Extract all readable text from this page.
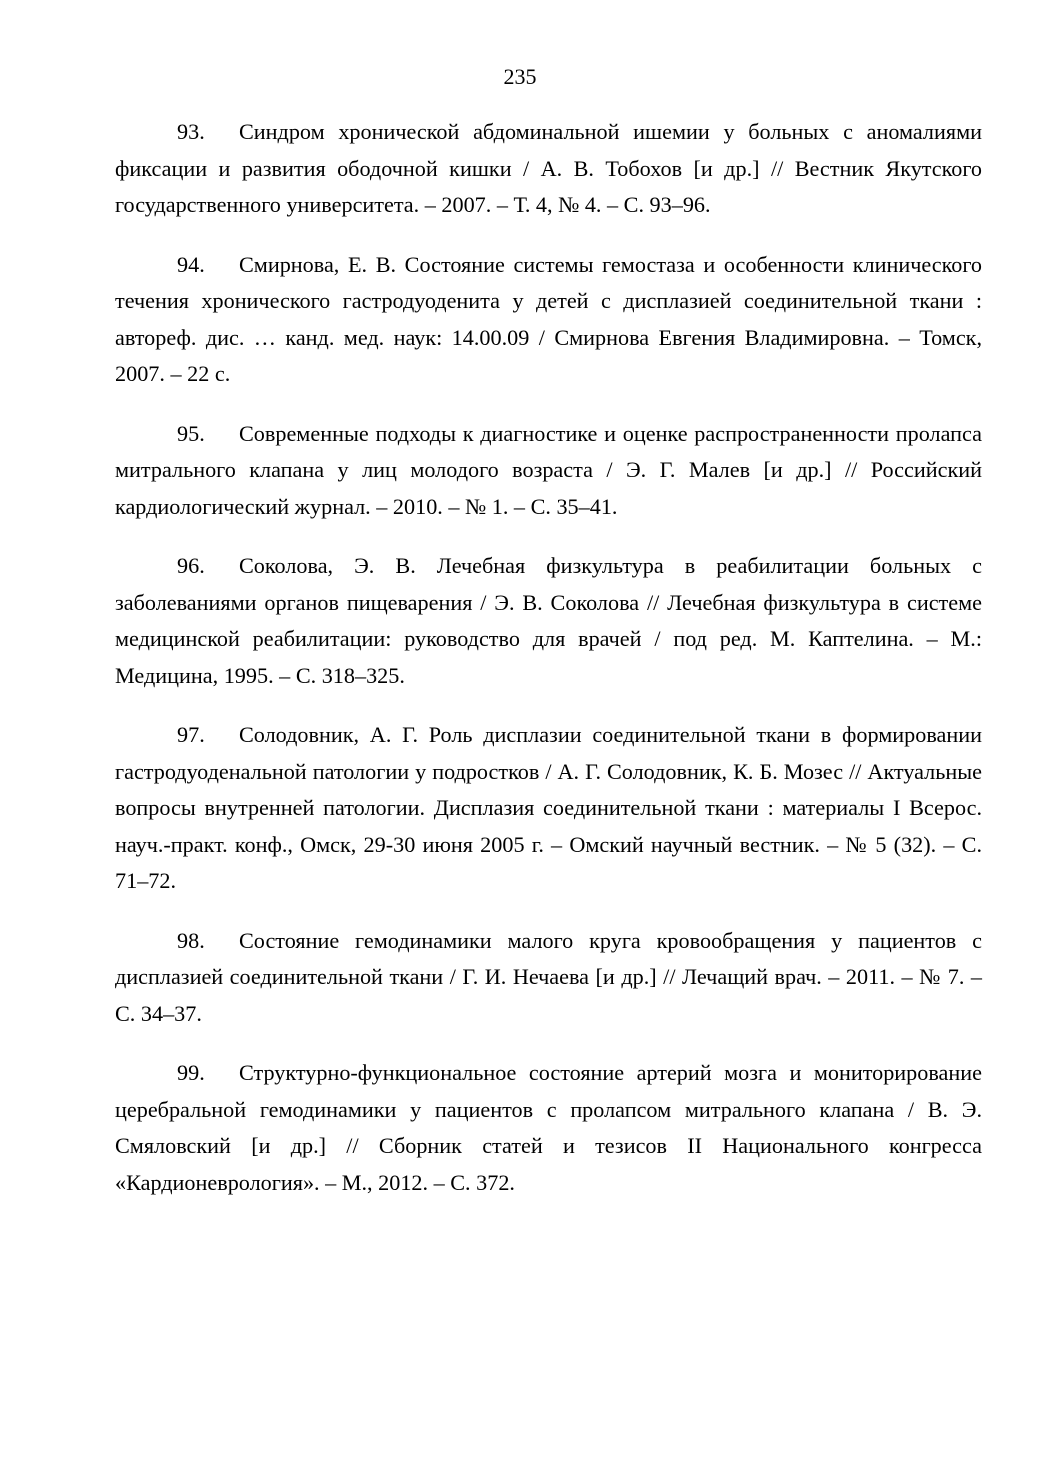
235

93. Синдром хронической абдоминальной ишемии у больных с аномалиями фиксации и развития ободочной кишки / А. В. Тобохов [и др.] // Вестник Якутского государственного университета. – 2007. – Т. 4, № 4. – С. 93–96.

94. Смирнова, Е. В. Состояние системы гемостаза и особенности клинического течения хронического гастродуоденита у детей с дисплазией соединительной ткани : автореф. дис. … канд. мед. наук: 14.00.09 / Смирнова Евгения Владимировна. – Томск, 2007. – 22 с.

95. Современные подходы к диагностике и оценке распространенности пролапса митрального клапана у лиц молодого возраста / Э. Г. Малев [и др.] // Российский кардиологический журнал. – 2010. – № 1. – С. 35–41.

96. Соколова, Э. В. Лечебная физкультура в реабилитации больных с заболеваниями органов пищеварения / Э. В. Соколова // Лечебная физкультура в системе медицинской реабилитации: руководство для врачей / под ред. М. Каптелина. – М.: Медицина, 1995. – С. 318–325.

97. Солодовник, А. Г. Роль дисплазии соединительной ткани в формировании гастродуоденальной патологии у подростков / А. Г. Солодовник, К. Б. Мозес // Актуальные вопросы внутренней патологии. Дисплазия соединительной ткани : материалы I Всерос. науч.-практ. конф., Омск, 29-30 июня 2005 г. – Омский научный вестник. – № 5 (32). – С. 71–72.

98. Состояние гемодинамики малого круга кровообращения у пациентов с дисплазией соединительной ткани / Г. И. Нечаева [и др.] // Лечащий врач. – 2011. – № 7. – С. 34–37.

99. Структурно-функциональное состояние артерий мозга и мониторирование церебральной гемодинамики у пациентов с пролапсом митрального клапана / В. Э. Смяловский [и др.] // Сборник статей и тезисов II Национального конгресса «Кардионеврология». – М., 2012. – С. 372.
